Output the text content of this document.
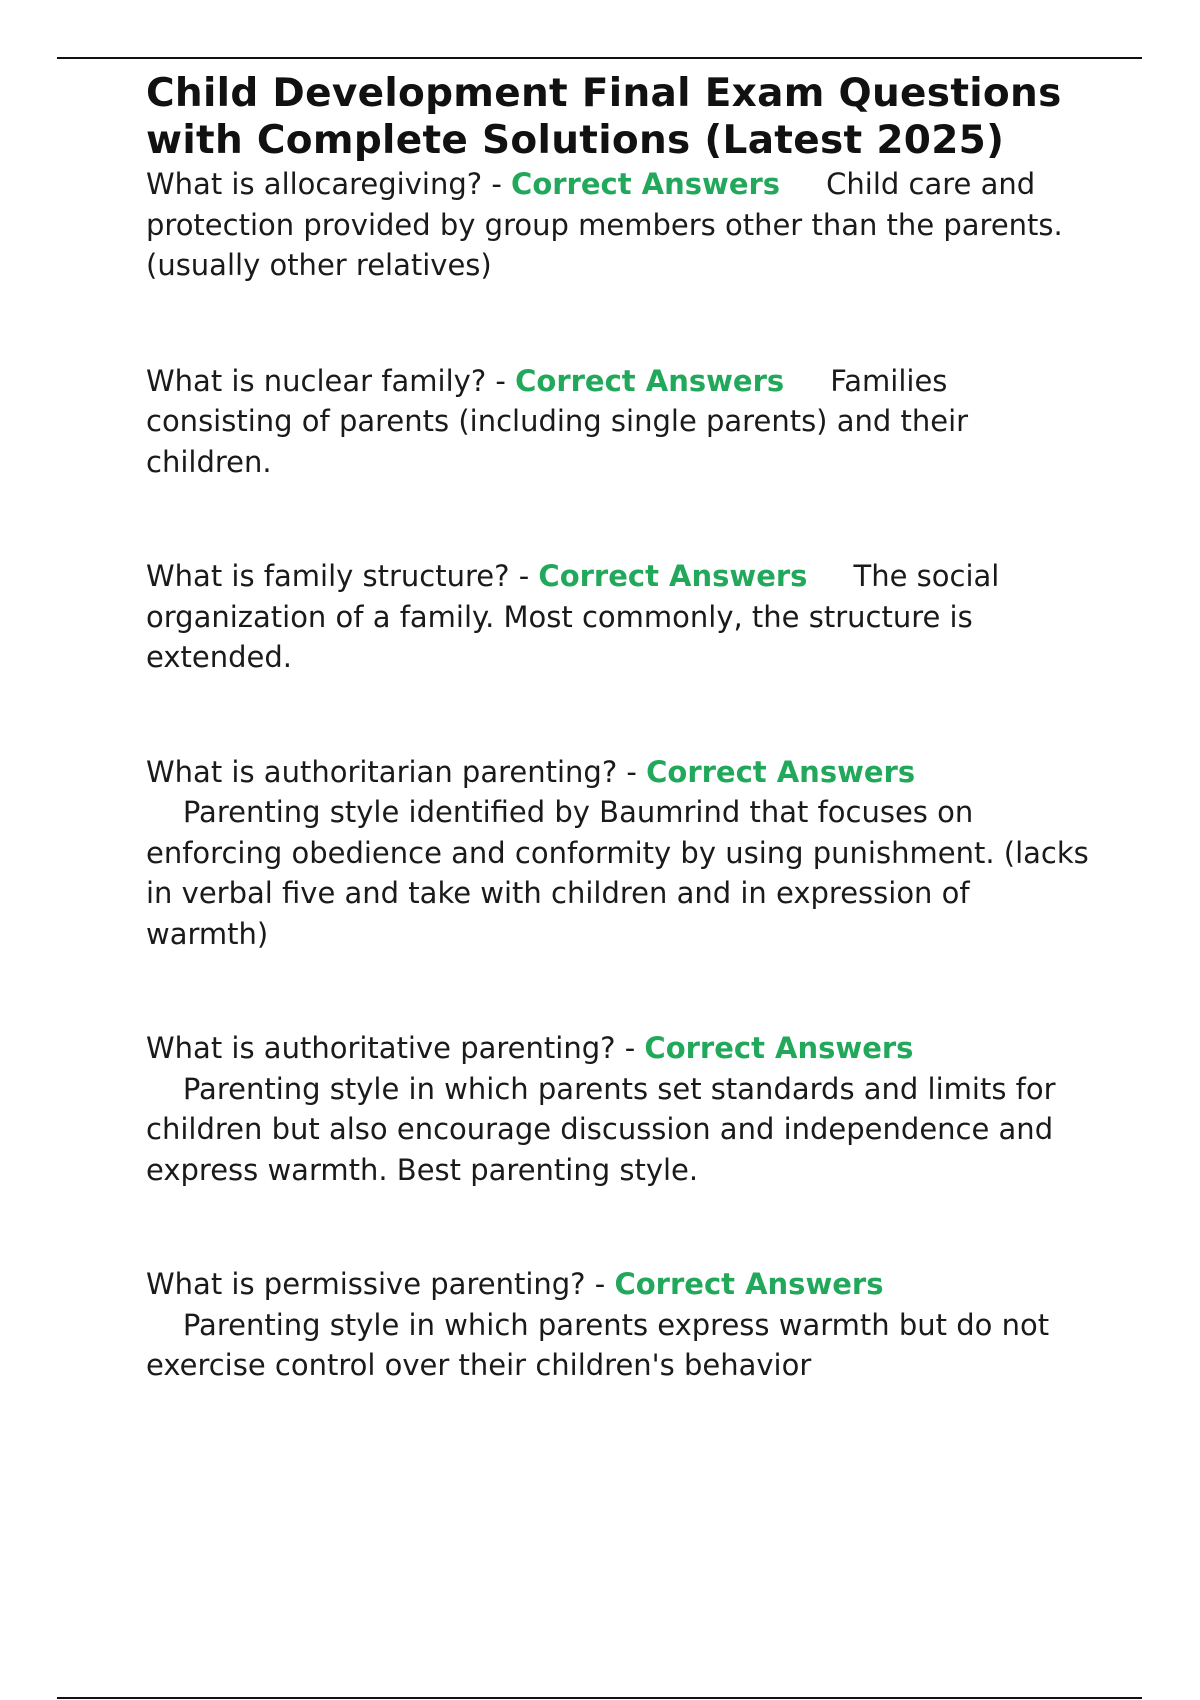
Child Development Final Exam Questions with Complete Solutions (Latest 2025)

What is allocaregiving? - Correct Answers Child care and protection provided by group members other than the parents. (usually other relatives)

What is nuclear family? - Correct Answers Families consisting of parents (including single parents) and their children.

What is family structure? - Correct Answers The social organization of a family. Most commonly, the structure is extended.

What is authoritarian parenting? - Correct Answers
Parenting style identified by Baumrind that focuses on enforcing obedience and conformity by using punishment. (lacks in verbal five and take with children and in expression of warmth)

What is authoritative parenting? - Correct Answers
Parenting style in which parents set standards and limits for children but also encourage discussion and independence and express warmth. Best parenting style.

What is permissive parenting? - Correct Answers
Parenting style in which parents express warmth but do not exercise control over their children's behavior
